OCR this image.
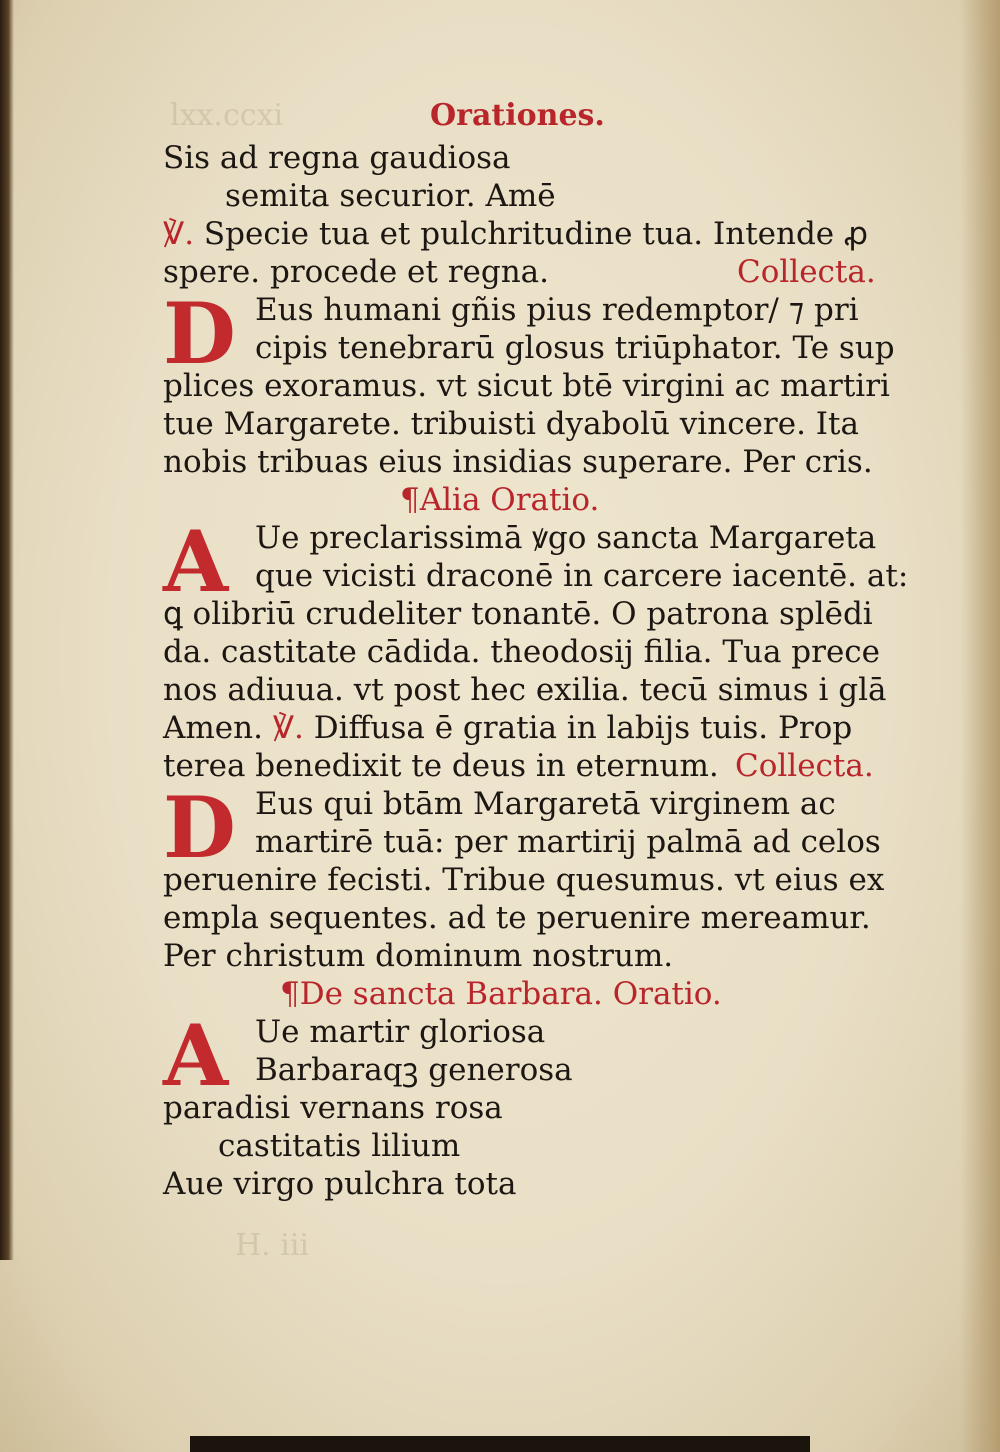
lxx.ccxi
H. iii
Orationes.
Sis ad regna gaudiosa
semita securior. Amē
℣. Specie tua et pulchritudine tua. Intende ꝓ
spere. procede et regna.	Collecta.
D Eus humani gñis pius redemptor/ ⁊ pri
cipis tenebrarū glosus triūphator. Te sup
plices exoramus. vt sicut btē virgini ac martiri
tue Margarete. tribuisti dyabolū vincere. Ita
nobis tribuas eius insidias superare. Per cris.
¶Alia Oratio.
A Ue preclarissimā ꝟgo sancta Margareta
que vicisti draconē in carcere iacentē. at:
ꝗ olibriū crudeliter tonantē. O patrona splēdi
da. castitate cādida. theodosij filia. Tua prece
nos adiuua. vt post hec exilia. tecū simus i glā
Amen. ℣. Diffusa ē gratia in labijs tuis. Prop
terea benedixit te deus in eternum. Collecta.
D Eus qui btām Margaretā virginem ac
martirē tuā: per martirij palmā ad celos
peruenire fecisti. Tribue quesumus. vt eius ex
empla sequentes. ad te peruenire mereamur.
Per christum dominum nostrum.
¶De sancta Barbara. Oratio.
A Ue martir gloriosa
Barbaraqꝫ generosa
paradisi vernans rosa
castitatis lilium
Aue virgo pulchra tota
